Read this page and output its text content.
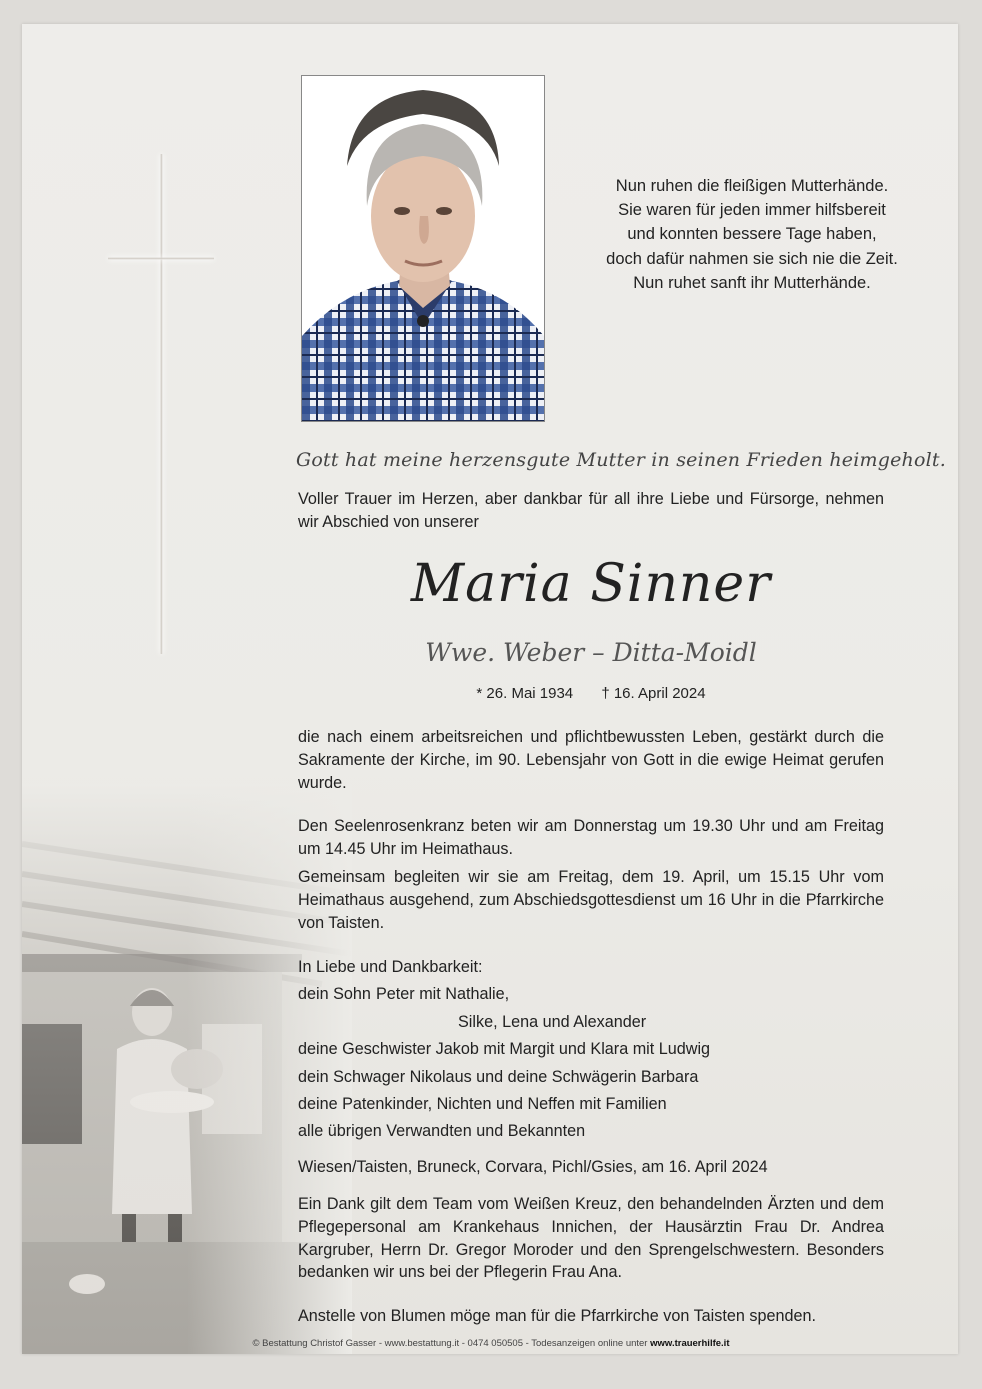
Nun ruhen die fleißigen Mutterhände.
Sie waren für jeden immer hilfsbereit
und konnten bessere Tage haben,
doch dafür nahmen sie sich nie die Zeit.
Nun ruhet sanft ihr Mutterhände.
Gott hat meine herzensgute Mutter in seinen Frieden heimgeholt.
Voller Trauer im Herzen, aber dankbar für all ihre Liebe und Fürsorge, nehmen wir Abschied von unserer
Maria Sinner
Wwe. Weber – Ditta-Moidl
* 26. Mai 1934 † 16. April 2024
die nach einem arbeitsreichen und pflichtbewussten Leben, gestärkt durch die Sakramente der Kirche, im 90. Lebensjahr von Gott in die ewige Heimat gerufen wurde.
Den Seelenrosenkranz beten wir am Donnerstag um 19.30 Uhr und am Freitag um 14.45 Uhr im Heimathaus.
Gemeinsam begleiten wir sie am Freitag, dem 19. April, um 15.15 Uhr vom Heimathaus ausgehend, zum Abschiedsgottesdienst um 16 Uhr in die Pfarrkirche von Taisten.
In Liebe und Dankbarkeit:
dein Sohn Peter mit Nathalie,
Silke, Lena und Alexander
deine Geschwister Jakob mit Margit und Klara mit Ludwig
dein Schwager Nikolaus und deine Schwägerin Barbara
deine Patenkinder, Nichten und Neffen mit Familien
alle übrigen Verwandten und Bekannten
Wiesen/Taisten, Bruneck, Corvara, Pichl/Gsies, am 16. April 2024
Ein Dank gilt dem Team vom Weißen Kreuz, den behandelnden Ärzten und dem Pflegepersonal am Krankehaus Innichen, der Hausärztin Frau Dr. Andrea Kargruber, Herrn Dr. Gregor Moroder und den Sprengelschwestern. Besonders bedanken wir uns bei der Pflegerin Frau Ana.
Anstelle von Blumen möge man für die Pfarrkirche von Taisten spenden.
© Bestattung Christof Gasser - www.bestattung.it - 0474 050505 - Todesanzeigen online unter www.trauerhilfe.it
